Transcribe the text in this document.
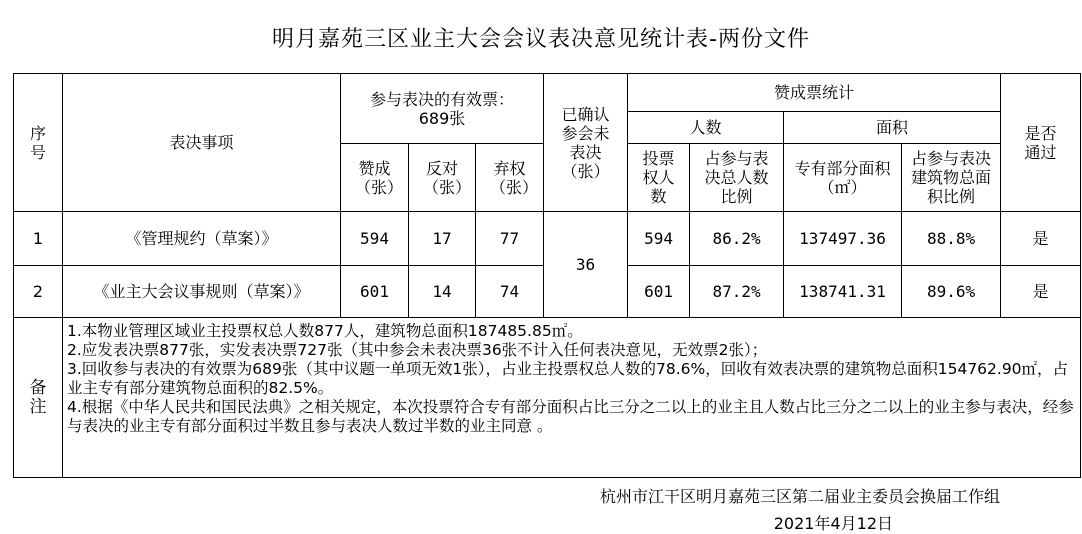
明月嘉苑三区业主大会会议表决意见统计表-两份文件
序号	表决事项	参与表决的有效票：689张			已确认参会未表决（张）	赞成票统计				是否通过
						人数		面积		
		赞成（张）	反对（张）	弃权（张）		投票权人数	占参与表决总人数比例	专有部分面积（㎡）	占参与表决建筑物总面积比例	
1	《管理规约（草案）》	594	17	77	36	594	86.2%	137497.36	88.8%	是
2	《业主大会议事规则（草案）》	601	14	74		601	87.2%	138741.31	89.6%	是
备注	1.本物业管理区域业主投票权总人数877人，建筑物总面积187485.85㎡。
2.应发表决票877张，实发表决票727张（其中参会未表决票36张不计入任何表决意见，无效票2张）；
3.回收参与表决的有效票为689张（其中议题一单项无效1张），占业主投票权总人数的78.6%，回收有效表决票的建筑物总面积154762.90㎡，占业主专有部分建筑物总面积的82.5%。
4.根据《中华人民共和国民法典》之相关规定，本次投票符合专有部分面积占比三分之二以上的业主且人数占比三分之二以上的业主参与表决，经参与表决的业主专有部分面积过半数且参与表决人数过半数的业主同意 。									
杭州市江干区明月嘉苑三区第二届业主委员会换届工作组
2021年4月12日
